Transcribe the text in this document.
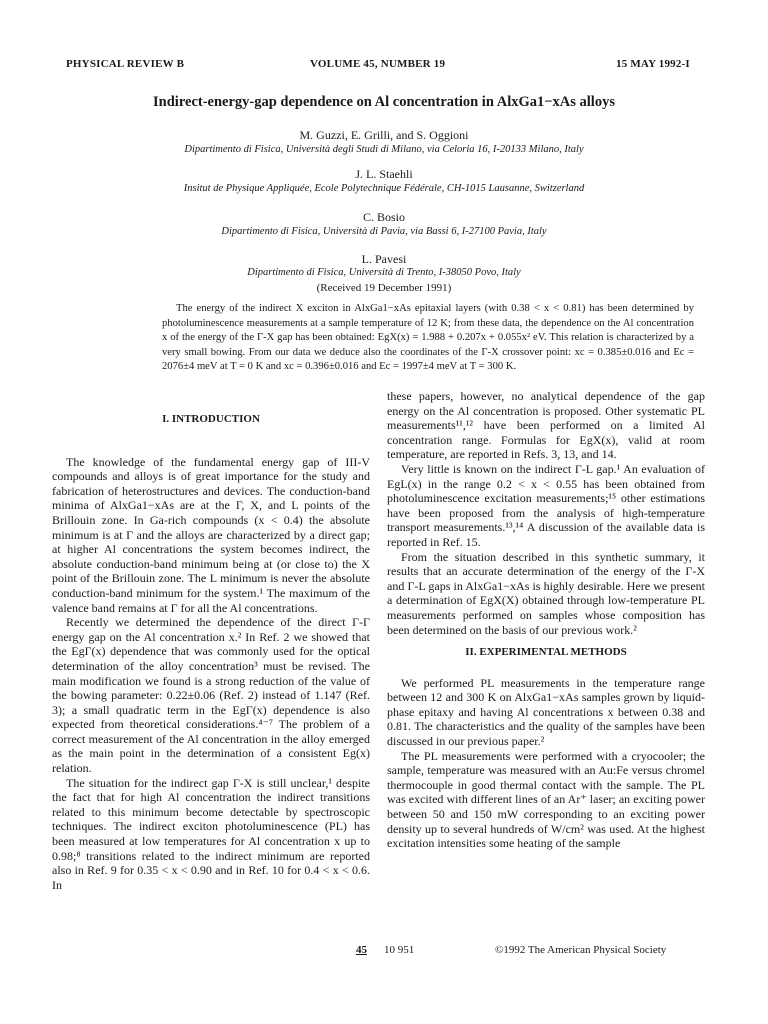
PHYSICAL REVIEW B	VOLUME 45, NUMBER 19	15 MAY 1992-I
Indirect-energy-gap dependence on Al concentration in AlxGa1−xAs alloys
M. Guzzi, E. Grilli, and S. Oggioni
Dipartimento di Fisica, Università degli Studi di Milano, via Celoria 16, I-20133 Milano, Italy
J. L. Staehli
Insitut de Physique Appliquée, Ecole Polytechnique Fédérale, CH-1015 Lausanne, Switzerland
C. Bosio
Dipartimento di Fisica, Università di Pavia, via Bassi 6, I-27100 Pavia, Italy
L. Pavesi
Dipartimento di Fisica, Università di Trento, I-38050 Povo, Italy
(Received 19 December 1991)

The energy of the indirect X exciton in AlxGa1−xAs epitaxial layers (with 0.38 < x < 0.81) has been determined by photoluminescence measurements at a sample temperature of 12 K; from these data, the dependence on the Al concentration x of the energy of the Γ-X gap has been obtained: EgX(x) = 1.988 + 0.207x + 0.055x² eV. This relation is characterized by a very small bowing. From our data we deduce also the coordinates of the Γ-X crossover point: xc = 0.385±0.016 and Ec = 2076±4 meV at T = 0 K and xc = 0.396±0.016 and Ec = 1997±4 meV at T = 300 K.

I. INTRODUCTION

The knowledge of the fundamental energy gap of III-V compounds and alloys is of great importance for the study and fabrication of heterostructures and devices. The conduction-band minima of AlxGa1−xAs are at the Γ, X, and L points of the Brillouin zone. In Ga-rich compounds (x < 0.4) the absolute minimum is at Γ and the alloys are characterized by a direct gap; at higher Al concentrations the system becomes indirect, the absolute conduction-band minimum being at (or close to) the X point of the Brillouin zone. The L minimum is never the absolute conduction-band minimum for the system.¹ The maximum of the valence band remains at Γ for all the Al concentrations.

Recently we determined the dependence of the direct Γ-Γ energy gap on the Al concentration x.² In Ref. 2 we showed that the EgΓ(x) dependence that was commonly used for the optical determination of the alloy concentration³ must be revised. The main modification we found is a strong reduction of the value of the bowing parameter: 0.22±0.06 (Ref. 2) instead of 1.147 (Ref. 3); a small quadratic term in the EgΓ(x) dependence is also expected from theoretical considerations.⁴⁻⁷ The problem of a correct measurement of the Al concentration in the alloy emerged as the main point in the determination of a consistent Eg(x) relation.

The situation for the indirect gap Γ-X is still unclear,¹ despite the fact that for high Al concentration the indirect transitions related to this minimum become detectable by spectroscopic techniques. The indirect exciton photoluminescence (PL) has been measured at low temperatures for Al concentration x up to 0.98;⁸ transitions related to the indirect minimum are reported also in Ref. 9 for 0.35 < x < 0.90 and in Ref. 10 for 0.4 < x < 0.6. In

these papers, however, no analytical dependence of the gap energy on the Al concentration is proposed. Other systematic PL measurements¹¹,¹² have been performed on a limited Al concentration range. Formulas for EgX(x), valid at room temperature, are reported in Refs. 3, 13, and 14.

Very little is known on the indirect Γ-L gap.¹ An evaluation of EgL(x) in the range 0.2 < x < 0.55 has been obtained from photoluminescence excitation measurements;¹⁵ other estimations have been proposed from the analysis of high-temperature transport measurements.¹³,¹⁴ A discussion of the available data is reported in Ref. 15.

From the situation described in this synthetic summary, it results that an accurate determination of the energy of the Γ-X and Γ-L gaps in AlxGa1−xAs is highly desirable. Here we present a determination of EgX(X) obtained through low-temperature PL measurements performed on samples whose composition has been determined on the basis of our previous work.²

II. EXPERIMENTAL METHODS

We performed PL measurements in the temperature range between 12 and 300 K on AlxGa1−xAs samples grown by liquid-phase epitaxy and having Al concentrations x between 0.38 and 0.81. The characteristics and the quality of the samples have been discussed in our previous paper.²

The PL measurements were performed with a cryocooler; the sample, temperature was measured with an Au:Fe versus chromel thermocouple in good thermal contact with the sample. The PL was excited with different lines of an Ar⁺ laser; an exciting power between 50 and 150 mW corresponding to an exciting power density up to several hundreds of W/cm² was used. At the highest excitation intensities some heating of the sample

45 10 951	©1992 The American Physical Society
